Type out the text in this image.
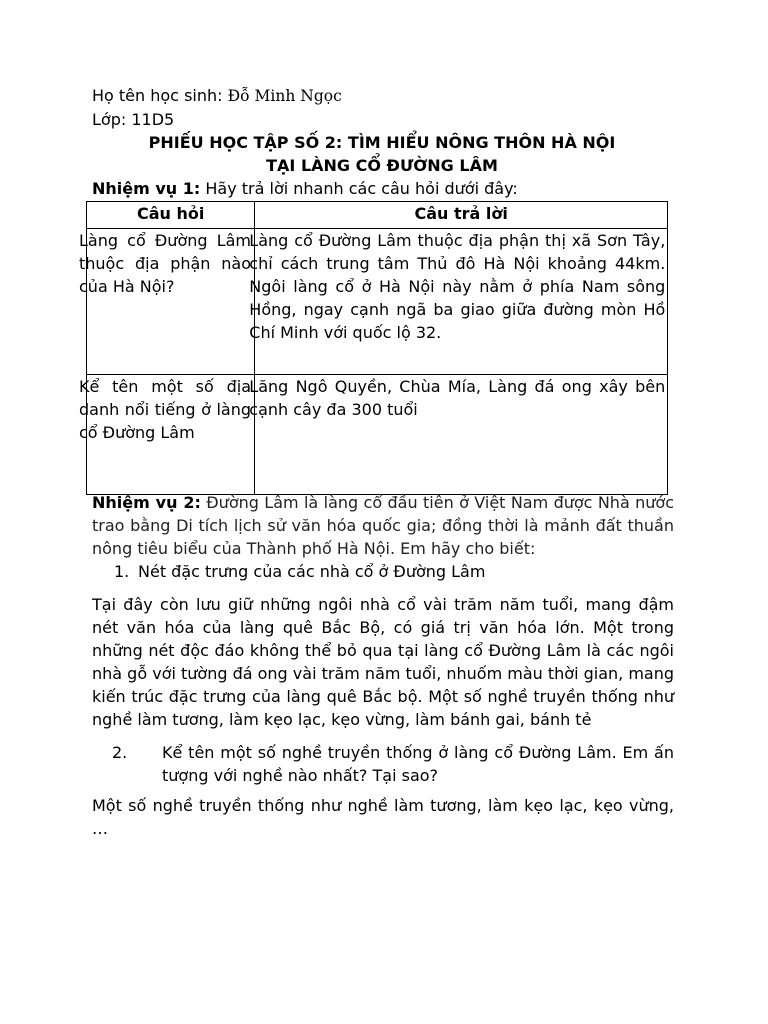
Họ tên học sinh: Đỗ Minh Ngọc
Lớp: 11D5
PHIẾU HỌC TẬP SỐ 2: TÌM HIỂU NÔNG THÔN HÀ NỘI
TẠI LÀNG CỔ ĐƯỜNG LÂM
Nhiệm vụ 1: Hãy trả lời nhanh các câu hỏi dưới đây:
Câu hỏi	Câu trả lời

Làng cổ Đường Lâm thuộc địa phận nào của Hà Nội?	Làng cổ Đường Lâm thuộc địa phận thị xã Sơn Tây, chỉ cách trung tâm Thủ đô Hà Nội khoảng 44km. Ngôi làng cổ ở Hà Nội này nằm ở phía Nam sông Hồng, ngay cạnh ngã ba giao giữa đường mòn Hồ Chí Minh với quốc lộ 32.

Kể tên một số địa danh nổi tiếng ở làng cổ Đường Lâm	Lăng Ngô Quyền, Chùa Mía, Làng đá ong xây bên cạnh cây đa 300 tuổi
Nhiệm vụ 2: Đường Lâm là làng cổ đầu tiên ở Việt Nam được Nhà nước trao bằng Di tích lịch sử văn hóa quốc gia; đồng thời là mảnh đất thuần nông tiêu biểu của Thành phố Hà Nội. Em hãy cho biết:
1. Nét đặc trưng của các nhà cổ ở Đường Lâm
Tại đây còn lưu giữ những ngôi nhà cổ vài trăm năm tuổi, mang đậm nét văn hóa của làng quê Bắc Bộ, có giá trị văn hóa lớn. Một trong những nét độc đáo không thể bỏ qua tại làng cổ Đường Lâm là các ngôi nhà gỗ với tường đá ong vài trăm năm tuổi, nhuốm màu thời gian, mang kiến trúc đặc trưng của làng quê Bắc bộ. Một số nghề truyền thống như nghề làm tương, làm kẹo lạc, kẹo vừng, làm bánh gai, bánh tẻ
2. Kể tên một số nghề truyền thống ở làng cổ Đường Lâm. Em ấn tượng với nghề nào nhất? Tại sao?
Một số nghề truyền thống như nghề làm tương, làm kẹo lạc, kẹo vừng, …
